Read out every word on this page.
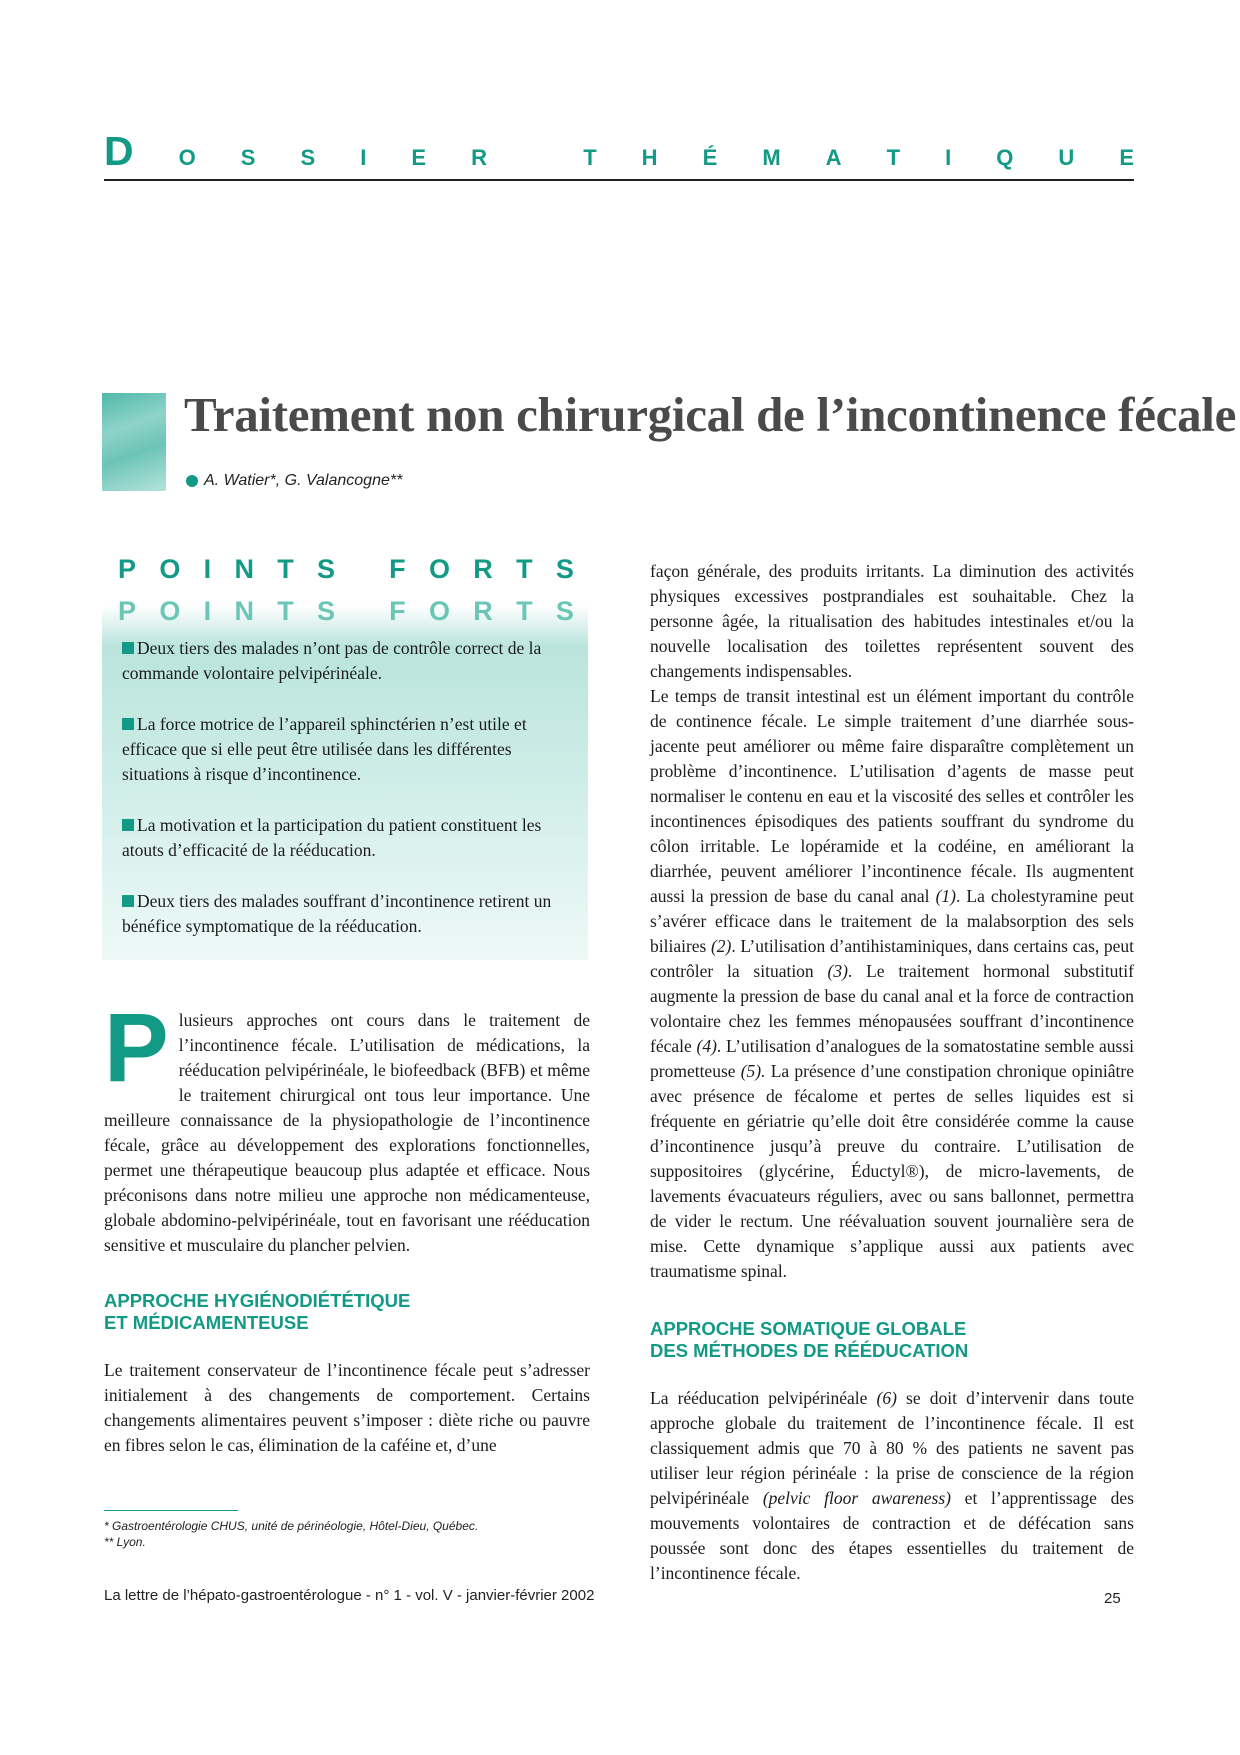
D O S S I E R
	T H É M A T I Q U E
Traitement non chirurgical de l’incontinence fécale
A. Watier*, G. Valancogne**
P O I N T S
F O R T S
P O I N T S
F O R T S

Deux tiers des malades n’ont pas de contrôle correct de la commande volontaire pelvipérinéale.

La force motrice de l’appareil sphinctérien n’est utile et efficace que si elle peut être utilisée dans les différentes situations à risque d’incontinence.

La motivation et la participation du patient constituent les atouts d’efficacité de la rééducation.

Deux tiers des malades souffrant d’incontinence retirent un bénéfice symptomatique de la rééducation.

Plusieurs approches ont cours dans le traitement de l’incontinence fécale. L’utilisation de médications, la rééducation pelvipérinéale, le biofeedback (BFB) et même le traitement chirurgical ont tous leur importance. Une meilleure connaissance de la physiopathologie de l’incontinence fécale, grâce au développement des explorations fonctionnelles, permet une thérapeutique beaucoup plus adaptée et efficace. Nous préconisons dans notre milieu une approche non médicamenteuse, globale abdomino-pelvipérinéale, tout en favorisant une rééducation sensitive et musculaire du plancher pelvien.

APPROCHE HYGIÉNODIÉTÉTIQUE
ET MÉDICAMENTEUSE

Le traitement conservateur de l’incontinence fécale peut s’adresser initialement à des changements de comportement. Certains changements alimentaires peuvent s’imposer : diète riche ou pauvre en fibres selon le cas, élimination de la caféine et, d’une

façon générale, des produits irritants. La diminution des activités physiques excessives postprandiales est souhaitable. Chez la personne âgée, la ritualisation des habitudes intestinales et/ou la nouvelle localisation des toilettes représentent souvent des changements indispensables.

Le temps de transit intestinal est un élément important du contrôle de continence fécale. Le simple traitement d’une diarrhée sous-jacente peut améliorer ou même faire disparaître complètement un problème d’incontinence. L’utilisation d’agents de masse peut normaliser le contenu en eau et la viscosité des selles et contrôler les incontinences épisodiques des patients souffrant du syndrome du côlon irritable. Le lopéramide et la codéine, en améliorant la diarrhée, peuvent améliorer l’incontinence fécale. Ils augmentent aussi la pression de base du canal anal (1). La cholestyramine peut s’avérer efficace dans le traitement de la malabsorption des sels biliaires (2). L’utilisation d’antihistaminiques, dans certains cas, peut contrôler la situation (3). Le traitement hormonal substitutif augmente la pression de base du canal anal et la force de contraction volontaire chez les femmes ménopausées souffrant d’incontinence fécale (4). L’utilisation d’analogues de la somatostatine semble aussi prometteuse (5). La présence d’une constipation chronique opiniâtre avec présence de fécalome et pertes de selles liquides est si fréquente en gériatrie qu’elle doit être considérée comme la cause d’incontinence jusqu’à preuve du contraire. L’utilisation de suppositoires (glycérine, Éductyl®), de micro-lavements, de lavements évacuateurs réguliers, avec ou sans ballonnet, permettra de vider le rectum. Une réévaluation souvent journalière sera de mise. Cette dynamique s’applique aussi aux patients avec traumatisme spinal.

APPROCHE SOMATIQUE GLOBALE
DES MÉTHODES DE RÉÉDUCATION

La rééducation pelvipérinéale (6) se doit d’intervenir dans toute approche globale du traitement de l’incontinence fécale. Il est classiquement admis que 70 à 80 % des patients ne savent pas utiliser leur région périnéale : la prise de conscience de la région pelvipérinéale (pelvic floor awareness) et l’apprentissage des mouvements volontaires de contraction et de défécation sans poussée sont donc des étapes essentielles du traitement de l’incontinence fécale.

* Gastroentérologie CHUS, unité de périnéologie, Hôtel-Dieu, Québec.
** Lyon.
La lettre de l’hépato-gastroentérologue - n° 1 - vol. V - janvier-février 2002	25
